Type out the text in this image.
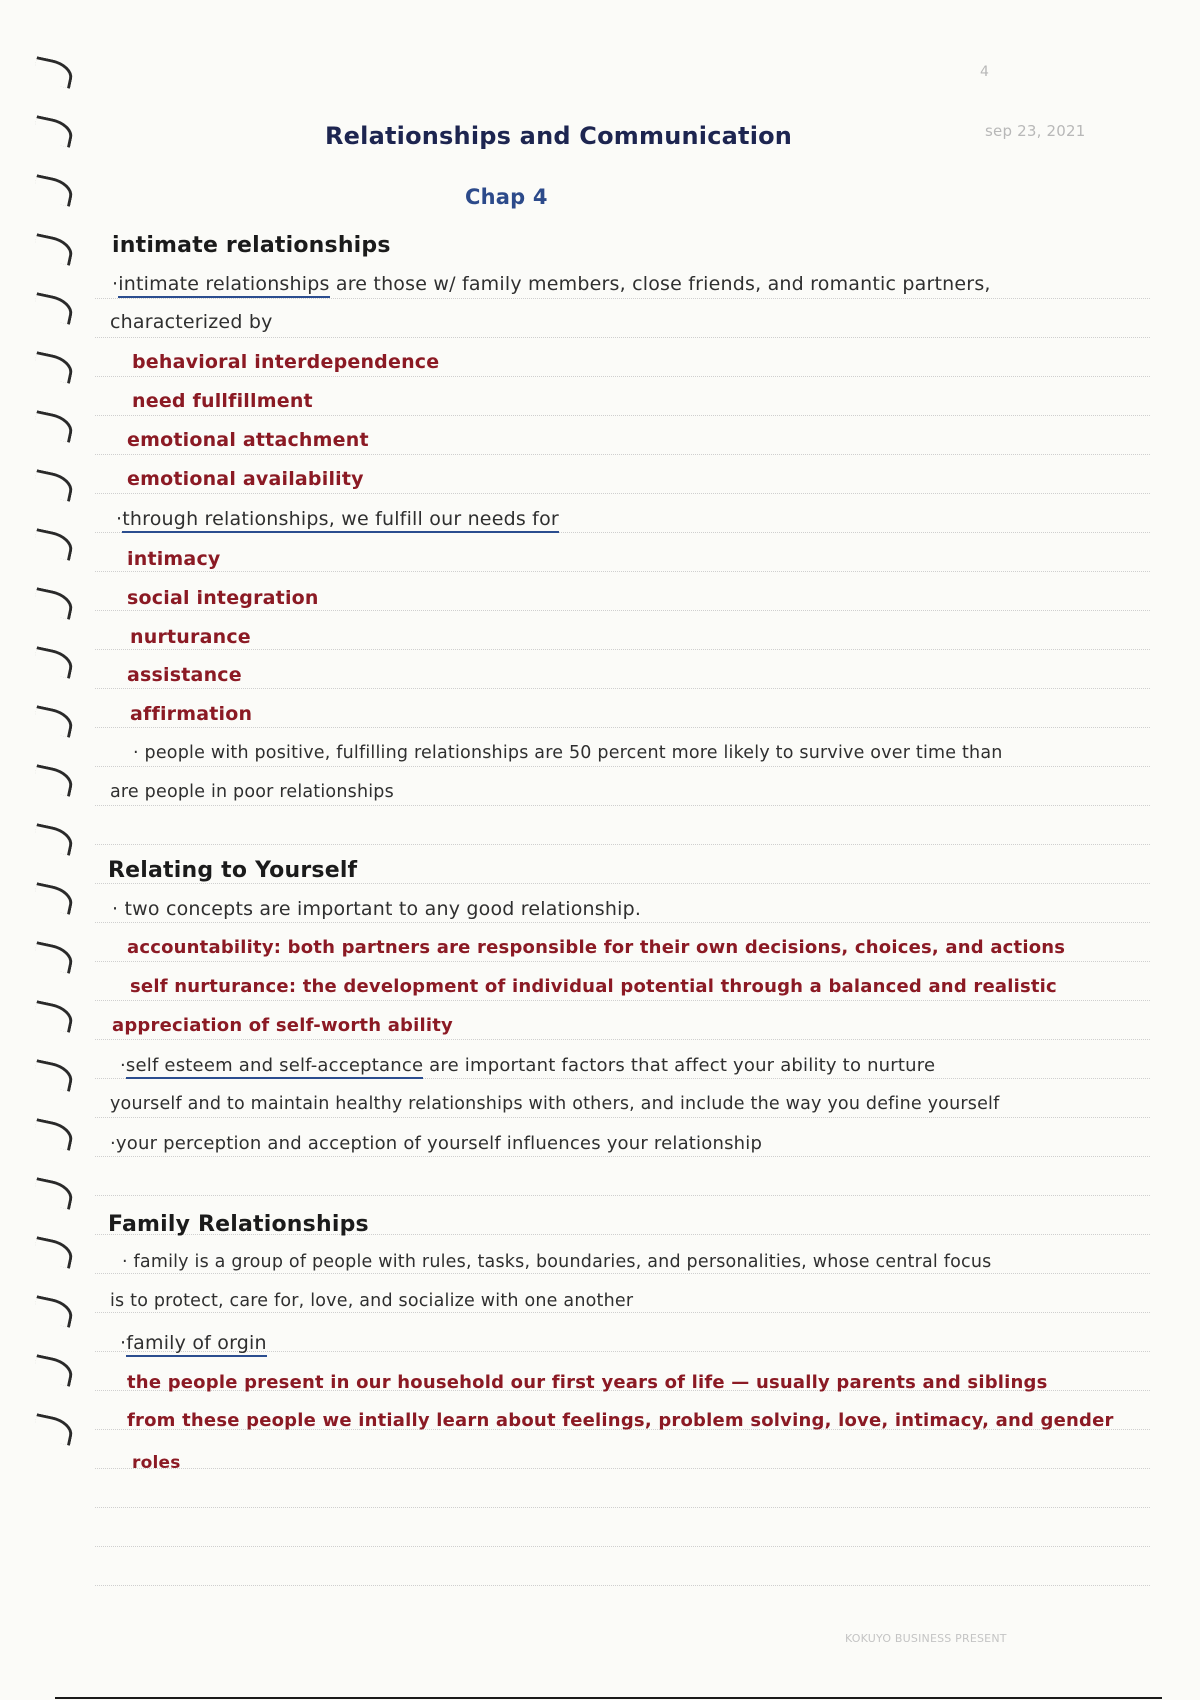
4
Relationships and Communication	sep 23, 2021
Chap 4
intimate relationships
·intimate relationships are those w/ family members, close friends, and romantic partners,
characterized by
behavioral interdependence
need fullfillment
emotional attachment
emotional availability
·through relationships, we fulfill our needs for
intimacy
social integration
nurturance
assistance
affirmation
· people with positive, fulfilling relationships are 50 percent more likely to survive over time than
are people in poor relationships
Relating to Yourself
· two concepts are important to any good relationship.
accountability: both partners are responsible for their own decisions, choices, and actions
self nurturance: the development of individual potential through a balanced and realistic
appreciation of self-worth ability
·self esteem and self-acceptance are important factors that affect your ability to nurture
yourself and to maintain healthy relationships with others, and include the way you define yourself
·your perception and acception of yourself influences your relationship
Family Relationships
· family is a group of people with rules, tasks, boundaries, and personalities, whose central focus
is to protect, care for, love, and socialize with one another
·family of orgin
the people present in our household our first years of life — usually parents and siblings
from these people we intially learn about feelings, problem solving, love, intimacy, and gender
roles
KOKUYO BUSINESS PRESENT
